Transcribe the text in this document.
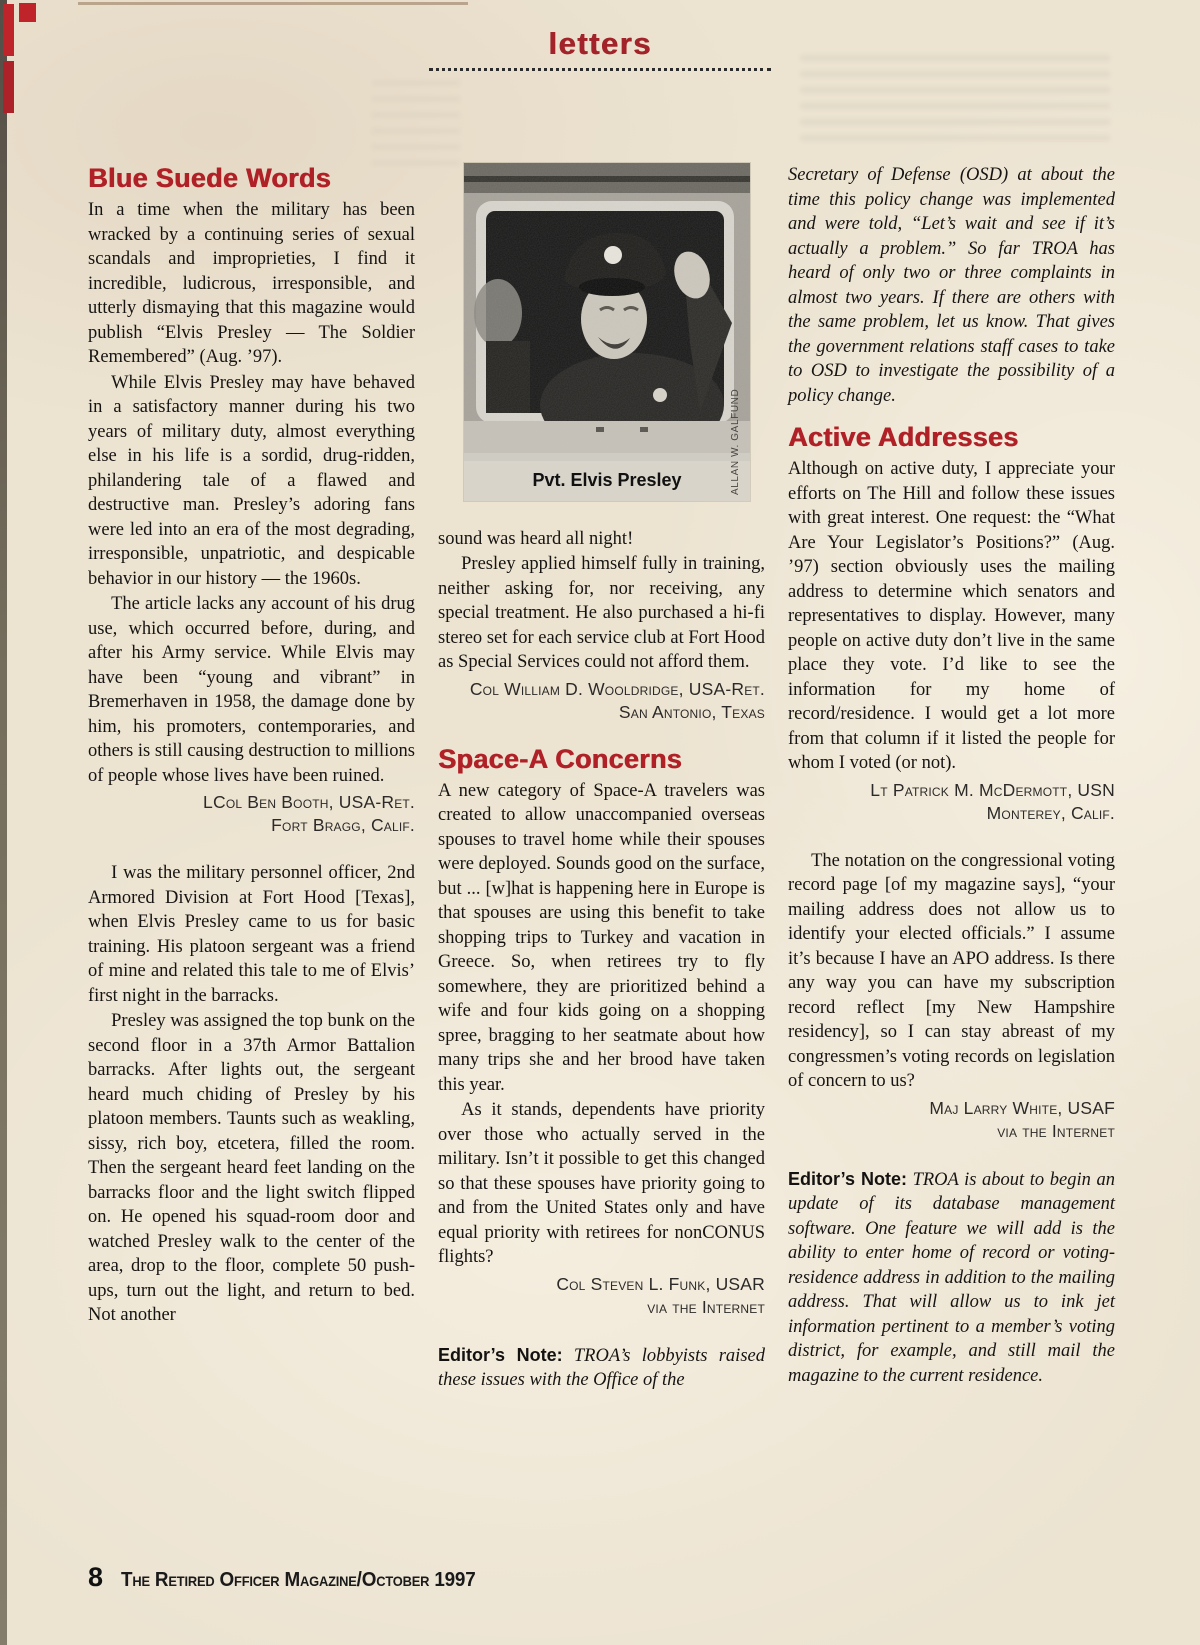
letters
Blue Suede Words

In a time when the military has been wracked by a continuing series of sexual scandals and improprieties, I find it incredible, ludicrous, irresponsible, and utterly dismaying that this magazine would publish “Elvis Presley — The Soldier Remembered” (Aug. ’97).

While Elvis Presley may have behaved in a satisfactory manner during his two years of military duty, almost everything else in his life is a sordid, drug-ridden, philandering tale of a flawed and destructive man. Presley’s adoring fans were led into an era of the most degrading, irresponsible, unpatriotic, and despicable behavior in our history — the 1960s.

The article lacks any account of his drug use, which occurred before, during, and after his Army service. While Elvis may have been “young and vibrant” in Bremerhaven in 1958, the damage done by him, his promoters, contemporaries, and others is still causing destruction to millions of people whose lives have been ruined.

LCol Ben Booth, USA-Ret.
Fort Bragg, Calif.

I was the military personnel officer, 2nd Armored Division at Fort Hood [Texas], when Elvis Presley came to us for basic training. His platoon sergeant was a friend of mine and related this tale to me of Elvis’ first night in the barracks.

Presley was assigned the top bunk on the second floor in a 37th Armor Battalion barracks. After lights out, the sergeant heard much chiding of Presley by his platoon members. Taunts such as weakling, sissy, rich boy, etcetera, filled the room. Then the sergeant heard feet landing on the barracks floor and the light switch flipped on. He opened his squad-room door and watched Presley walk to the center of the area, drop to the floor, complete 50 push-ups, turn out the light, and return to bed. Not another

Pvt. Elvis Presley	ALLAN W. GALFUND

sound was heard all night!

Presley applied himself fully in training, neither asking for, nor receiving, any special treatment. He also purchased a hi-fi stereo set for each service club at Fort Hood as Special Services could not afford them.

Col William D. Wooldridge, USA-Ret.
San Antonio, Texas
Space-A Concerns

A new category of Space-A travelers was created to allow unaccompanied overseas spouses to travel home while their spouses were deployed. Sounds good on the surface, but ... [w]hat is happening here in Europe is that spouses are using this benefit to take shopping trips to Turkey and vacation in Greece. So, when retirees try to fly somewhere, they are prioritized behind a wife and four kids going on a shopping spree, bragging to her seatmate about how many trips she and her brood have taken this year.

As it stands, dependents have priority over those who actually served in the military. Isn’t it possible to get this changed so that these spouses have priority going to and from the United States only and have equal priority with retirees for nonCONUS flights?

Col Steven L. Funk, USAR
via the Internet

Editor’s Note: TROA’s lobbyists raised these issues with the Office of the

Secretary of Defense (OSD) at about the time this policy change was implemented and were told, “Let’s wait and see if it’s actually a problem.” So far TROA has heard of only two or three complaints in almost two years. If there are others with the same problem, let us know. That gives the government relations staff cases to take to OSD to investigate the possibility of a policy change.

Active Addresses

Although on active duty, I appreciate your efforts on The Hill and follow these issues with great interest. One request: the “What Are Your Legislator’s Positions?” (Aug. ’97) section obviously uses the mailing address to determine which senators and representatives to display. However, many people on active duty don’t live in the same place they vote. I’d like to see the information for my home of record/residence. I would get a lot more from that column if it listed the people for whom I voted (or not).

Lt Patrick M. McDermott, USN
Monterey, Calif.

The notation on the congressional voting record page [of my magazine says], “your mailing address does not allow us to identify your elected officials.” I assume it’s because I have an APO address. Is there any way you can have my subscription record reflect [my New Hampshire residency], so I can stay abreast of my congressmen’s voting records on legislation of concern to us?

Maj Larry White, USAF
via the Internet

Editor’s Note: TROA is about to begin an update of its database management software. One feature we will add is the ability to enter home of record or voting-residence address in addition to the mailing address. That will allow us to ink jet information pertinent to a member’s voting district, for example, and still mail the magazine to the current residence.

8 The Retired Officer Magazine/October 1997
